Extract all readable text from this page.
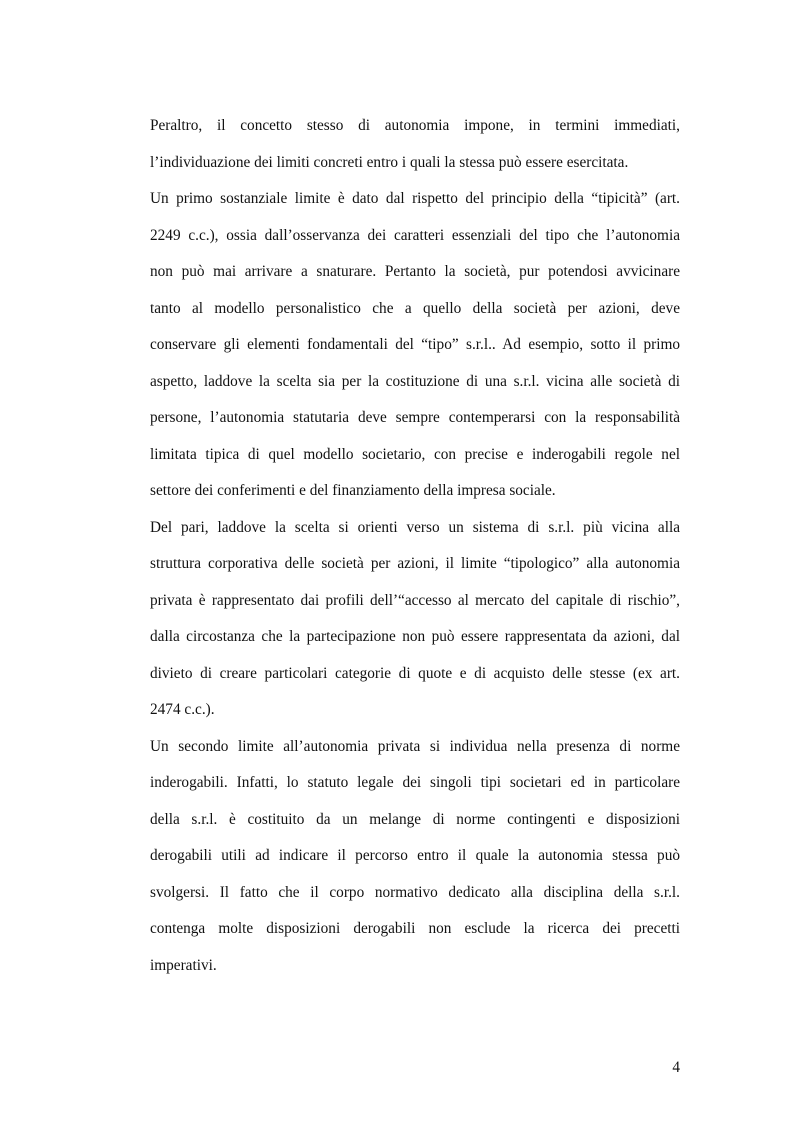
Peraltro, il concetto stesso di autonomia impone, in termini immediati,
l’individuazione dei limiti concreti entro i quali la stessa può essere esercitata.
Un primo sostanziale limite è dato dal rispetto del principio della “tipicità” (art.
2249 c.c.), ossia dall’osservanza dei caratteri essenziali del tipo che l’autonomia
non può mai arrivare a snaturare. Pertanto la società, pur potendosi avvicinare
tanto al modello personalistico che a quello della società per azioni, deve
conservare gli elementi fondamentali del “tipo” s.r.l.. Ad esempio, sotto il primo
aspetto, laddove la scelta sia per la costituzione di una s.r.l. vicina alle società di
persone, l’autonomia statutaria deve sempre contemperarsi con la responsabilità
limitata tipica di quel modello societario, con precise e inderogabili regole nel
settore dei conferimenti e del finanziamento della impresa sociale.
Del pari, laddove la scelta si orienti verso un sistema di s.r.l. più vicina alla
struttura corporativa delle società per azioni, il limite “tipologico” alla autonomia
privata è rappresentato dai profili dell’“accesso al mercato del capitale di rischio”,
dalla circostanza che la partecipazione non può essere rappresentata da azioni, dal
divieto di creare particolari categorie di quote e di acquisto delle stesse (ex art.
2474 c.c.).
Un secondo limite all’autonomia privata si individua nella presenza di norme
inderogabili. Infatti, lo statuto legale dei singoli tipi societari ed in particolare
della s.r.l. è costituito da un melange di norme contingenti e disposizioni
derogabili utili ad indicare il percorso entro il quale la autonomia stessa può
svolgersi. Il fatto che il corpo normativo dedicato alla disciplina della s.r.l.
contenga molte disposizioni derogabili non esclude la ricerca dei precetti
imperativi.
4
